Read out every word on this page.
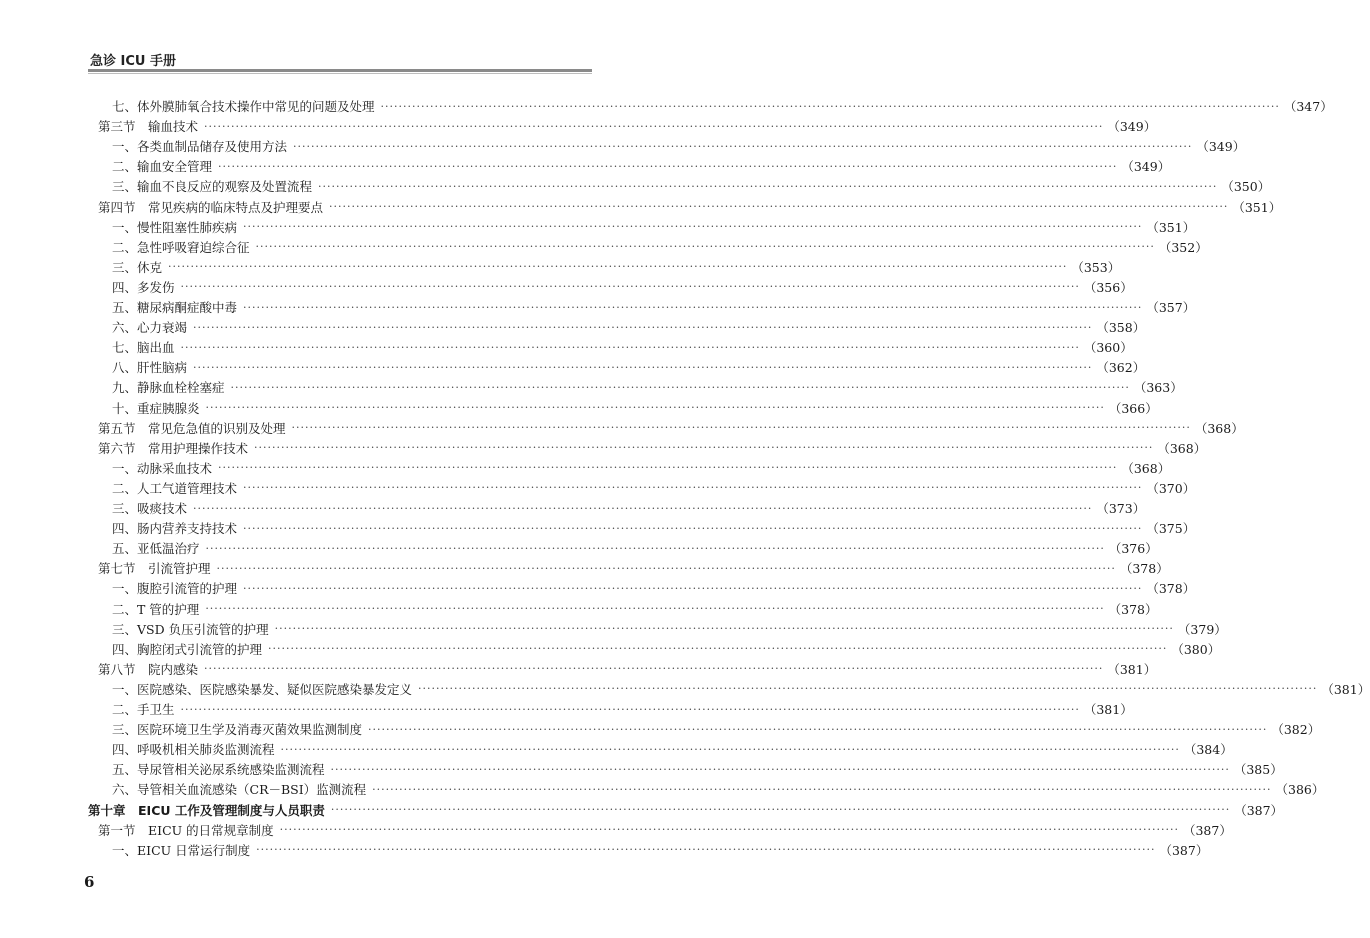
急诊 ICU 手册
七、体外膜肺氧合技术操作中常见的问题及处理 ········································································································································································································ （347）
第三节　输血技术 ········································································································································································································ （349）
一、各类血制品储存及使用方法 ········································································································································································································ （349）
二、输血安全管理 ········································································································································································································ （349）
三、输血不良反应的观察及处置流程 ········································································································································································································ （350）
第四节　常见疾病的临床特点及护理要点 ········································································································································································································ （351）
一、慢性阻塞性肺疾病 ········································································································································································································ （351）
二、急性呼吸窘迫综合征 ········································································································································································································ （352）
三、休克 ········································································································································································································ （353）
四、多发伤 ········································································································································································································ （356）
五、糖尿病酮症酸中毒 ········································································································································································································ （357）
六、心力衰竭 ········································································································································································································ （358）
七、脑出血 ········································································································································································································ （360）
八、肝性脑病 ········································································································································································································ （362）
九、静脉血栓栓塞症 ········································································································································································································ （363）
十、重症胰腺炎 ········································································································································································································ （366）
第五节　常见危急值的识别及处理 ········································································································································································································ （368）
第六节　常用护理操作技术 ········································································································································································································ （368）
一、动脉采血技术 ········································································································································································································ （368）
二、人工气道管理技术 ········································································································································································································ （370）
三、吸痰技术 ········································································································································································································ （373）
四、肠内营养支持技术 ········································································································································································································ （375）
五、亚低温治疗 ········································································································································································································ （376）
第七节　引流管护理 ········································································································································································································ （378）
一、腹腔引流管的护理 ········································································································································································································ （378）
二、T 管的护理 ········································································································································································································ （378）
三、VSD 负压引流管的护理 ········································································································································································································ （379）
四、胸腔闭式引流管的护理 ········································································································································································································ （380）
第八节　院内感染 ········································································································································································································ （381）
一、医院感染、医院感染暴发、疑似医院感染暴发定义 ········································································································································································································ （381）
二、手卫生 ········································································································································································································ （381）
三、医院环境卫生学及消毒灭菌效果监测制度 ········································································································································································································ （382）
四、呼吸机相关肺炎监测流程 ········································································································································································································ （384）
五、导尿管相关泌尿系统感染监测流程 ········································································································································································································ （385）
六、导管相关血流感染（CR－BSI）监测流程 ········································································································································································································ （386）
第十章　EICU 工作及管理制度与人员职责 ········································································································································································································ （387）
第一节　EICU 的日常规章制度 ········································································································································································································ （387）
一、EICU 日常运行制度 ········································································································································································································ （387）
6
